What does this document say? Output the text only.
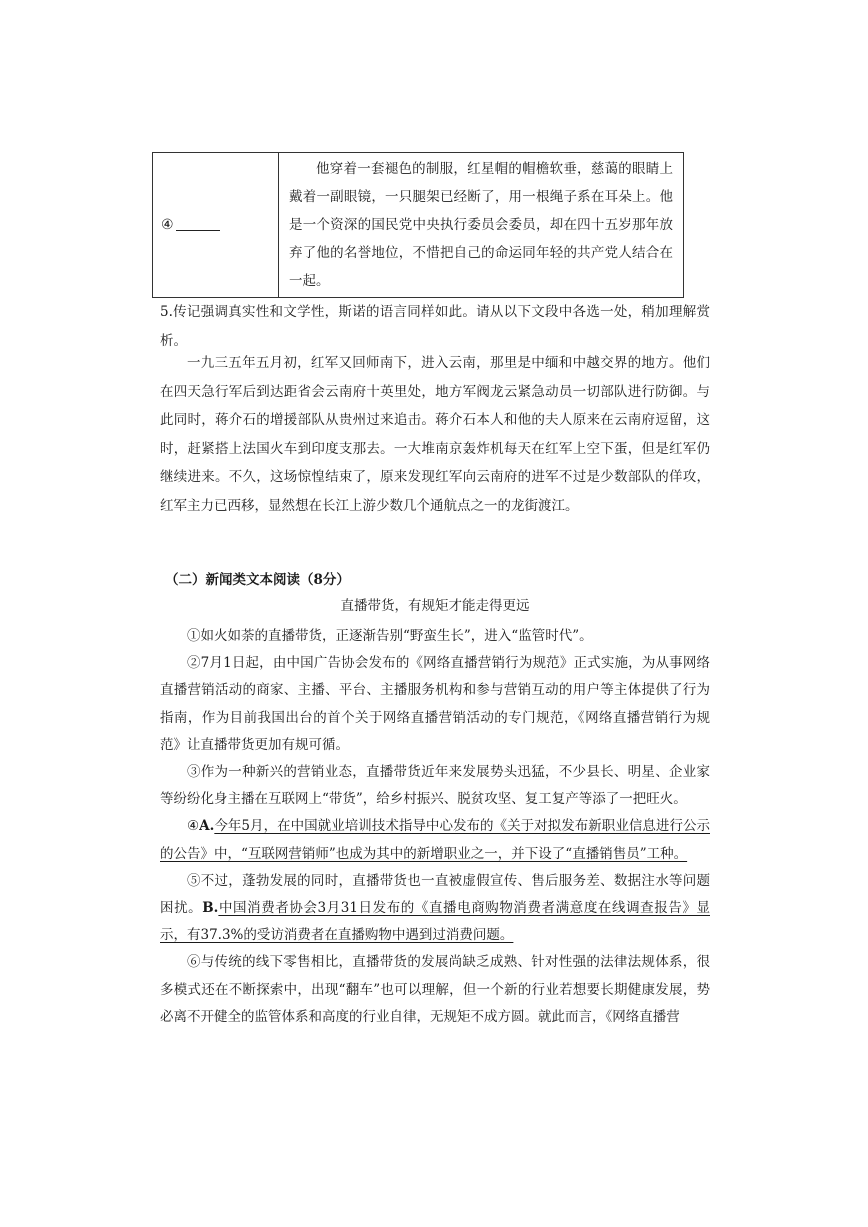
④	他穿着一套褪色的制服，红星帽的帽檐软垂，慈蔼的眼睛上戴着一副眼镜，一只腿架已经断了，用一根绳子系在耳朵上。他是一个资深的国民党中央执行委员会委员，却在四十五岁那年放弃了他的名誉地位，不惜把自己的命运同年轻的共产党人结合在一起。
5.传记强调真实性和文学性，斯诺的语言同样如此。请从以下文段中各选一处，稍加理解赏析。
一九三五年五月初，红军又回师南下，进入云南，那里是中缅和中越交界的地方。他们在四天急行军后到达距省会云南府十英里处，地方军阀龙云紧急动员一切部队进行防御。与此同时，蒋介石的增援部队从贵州过来追击。蒋介石本人和他的夫人原来在云南府逗留，这时，赶紧搭上法国火车到印度支那去。一大堆南京轰炸机每天在红军上空下蛋，但是红军仍继续进来。不久，这场惊惶结束了，原来发现红军向云南府的进军不过是少数部队的佯攻，红军主力已西移，显然想在长江上游少数几个通航点之一的龙街渡江。
（二）新闻类文本阅读（8分）
直播带货，有规矩才能走得更远

①如火如荼的直播带货，正逐渐告别“野蛮生长”，进入“监管时代”。

②7月1日起，由中国广告协会发布的《网络直播营销行为规范》正式实施，为从事网络直播营销活动的商家、主播、平台、主播服务机构和参与营销互动的用户等主体提供了行为指南，作为目前我国出台的首个关于网络直播营销活动的专门规范，《网络直播营销行为规范》让直播带货更加有规可循。

③作为一种新兴的营销业态，直播带货近年来发展势头迅猛，不少县长、明星、企业家等纷纷化身主播在互联网上“带货”，给乡村振兴、脱贫攻坚、复工复产等添了一把旺火。

④A.今年5月，在中国就业培训技术指导中心发布的《关于对拟发布新职业信息进行公示的公告》中，“互联网营销师”也成为其中的新增职业之一，并下设了“直播销售员”工种。

⑤不过，蓬勃发展的同时，直播带货也一直被虚假宣传、售后服务差、数据注水等问题困扰。B.中国消费者协会3月31日发布的《直播电商购物消费者满意度在线调查报告》显示，有37.3%的受访消费者在直播购物中遇到过消费问题。

⑥与传统的线下零售相比，直播带货的发展尚缺乏成熟、针对性强的法律法规体系，很多模式还在不断探索中，出现“翻车”也可以理解，但一个新的行业若想要长期健康发展，势必离不开健全的监管体系和高度的行业自律，无规矩不成方圆。就此而言，《网络直播营
